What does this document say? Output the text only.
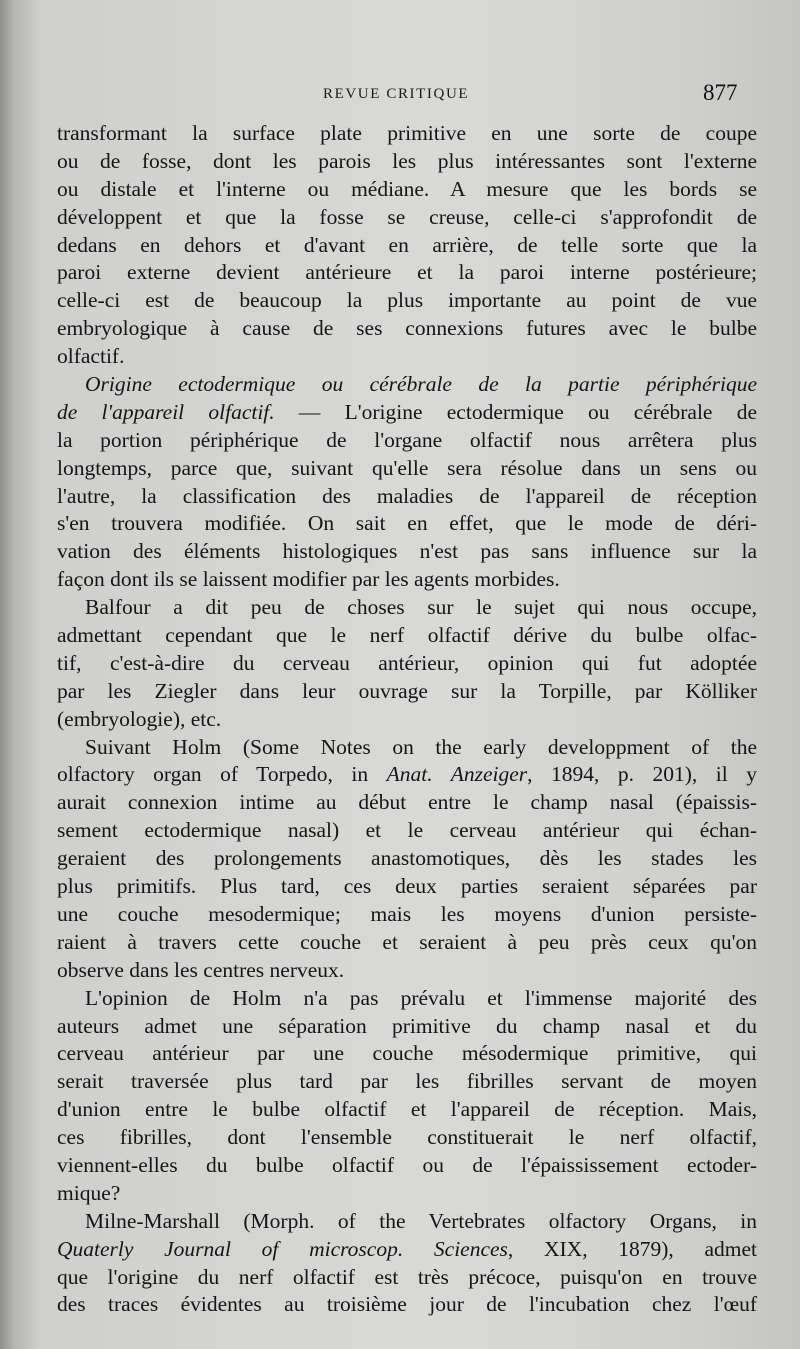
REVUE CRITIQUE	877
transformant la surface plate primitive en une sorte de coupe
ou de fosse, dont les parois les plus intéressantes sont l'externe
ou distale et l'interne ou médiane. A mesure que les bords se
développent et que la fosse se creuse, celle-ci s'approfondit de
dedans en dehors et d'avant en arrière, de telle sorte que la
paroi externe devient antérieure et la paroi interne postérieure;
celle-ci est de beaucoup la plus importante au point de vue
embryologique à cause de ses connexions futures avec le bulbe
olfactif.
Origine ectodermique ou cérébrale de la partie périphérique
de l'appareil olfactif. — L'origine ectodermique ou cérébrale de
la portion périphérique de l'organe olfactif nous arrêtera plus
longtemps, parce que, suivant qu'elle sera résolue dans un sens ou
l'autre, la classification des maladies de l'appareil de réception
s'en trouvera modifiée. On sait en effet, que le mode de déri-
vation des éléments histologiques n'est pas sans influence sur la
façon dont ils se laissent modifier par les agents morbides.
Balfour a dit peu de choses sur le sujet qui nous occupe,
admettant cependant que le nerf olfactif dérive du bulbe olfac-
tif, c'est-à-dire du cerveau antérieur, opinion qui fut adoptée
par les Ziegler dans leur ouvrage sur la Torpille, par Kölliker
(embryologie), etc.
Suivant Holm (Some Notes on the early developpment of the
olfactory organ of Torpedo, in Anat. Anzeiger, 1894, p. 201), il y
aurait connexion intime au début entre le champ nasal (épaissis-
sement ectodermique nasal) et le cerveau antérieur qui échan-
geraient des prolongements anastomotiques, dès les stades les
plus primitifs. Plus tard, ces deux parties seraient séparées par
une couche mesodermique; mais les moyens d'union persiste-
raient à travers cette couche et seraient à peu près ceux qu'on
observe dans les centres nerveux.
L'opinion de Holm n'a pas prévalu et l'immense majorité des
auteurs admet une séparation primitive du champ nasal et du
cerveau antérieur par une couche mésodermique primitive, qui
serait traversée plus tard par les fibrilles servant de moyen
d'union entre le bulbe olfactif et l'appareil de réception. Mais,
ces fibrilles, dont l'ensemble constituerait le nerf olfactif,
viennent-elles du bulbe olfactif ou de l'épaississement ectoder-
mique?
Milne-Marshall (Morph. of the Vertebrates olfactory Organs, in
Quaterly Journal of microscop. Sciences, XIX, 1879), admet
que l'origine du nerf olfactif est très précoce, puisqu'on en trouve
des traces évidentes au troisième jour de l'incubation chez l'œuf
